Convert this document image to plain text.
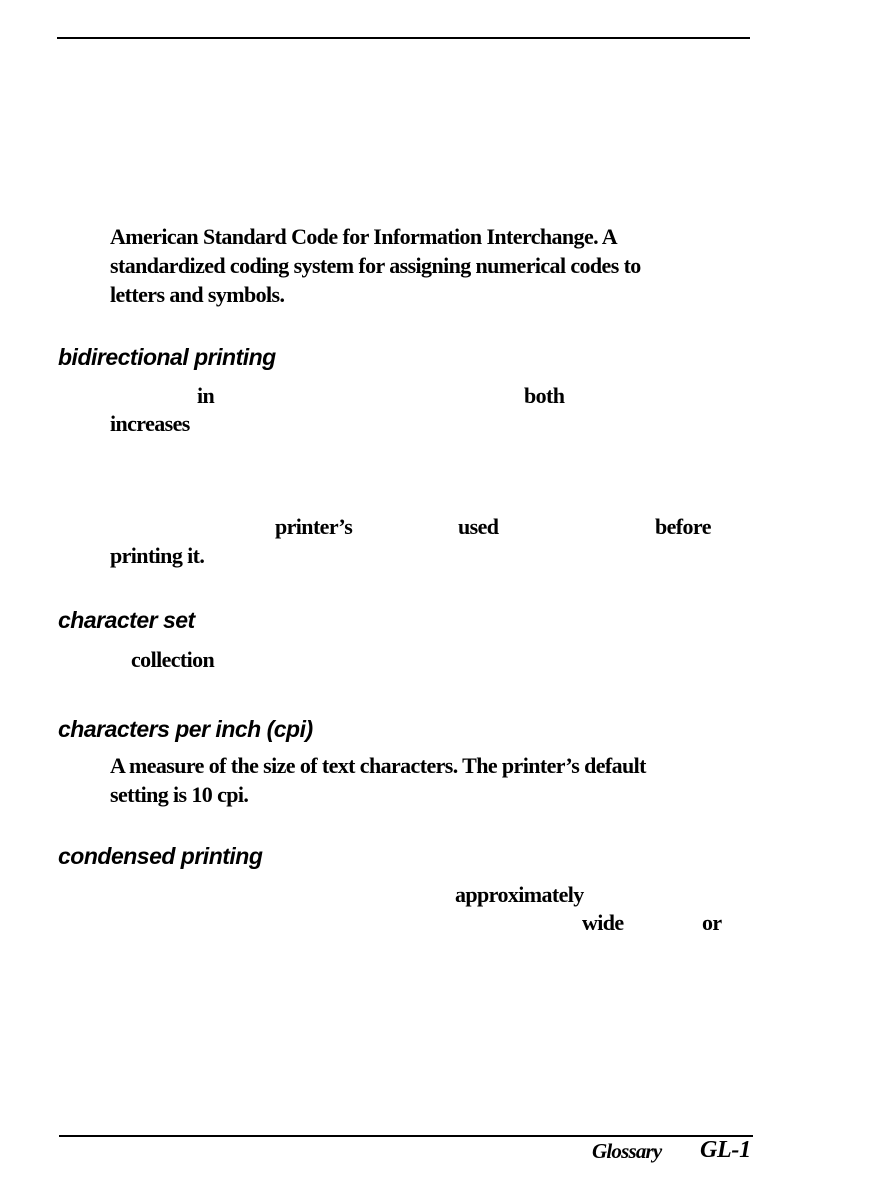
American Standard Code for Information Interchange. A
standardized coding system for assigning numerical codes to
letters and symbols.
bidirectional printing
in	both
increases
printer’s	used	before
printing it.
character set
collection
characters per inch (cpi)
A measure of the size of text characters. The printer’s default
setting is 10 cpi.
condensed printing
approximately
wide	or
Glossary GL-1
